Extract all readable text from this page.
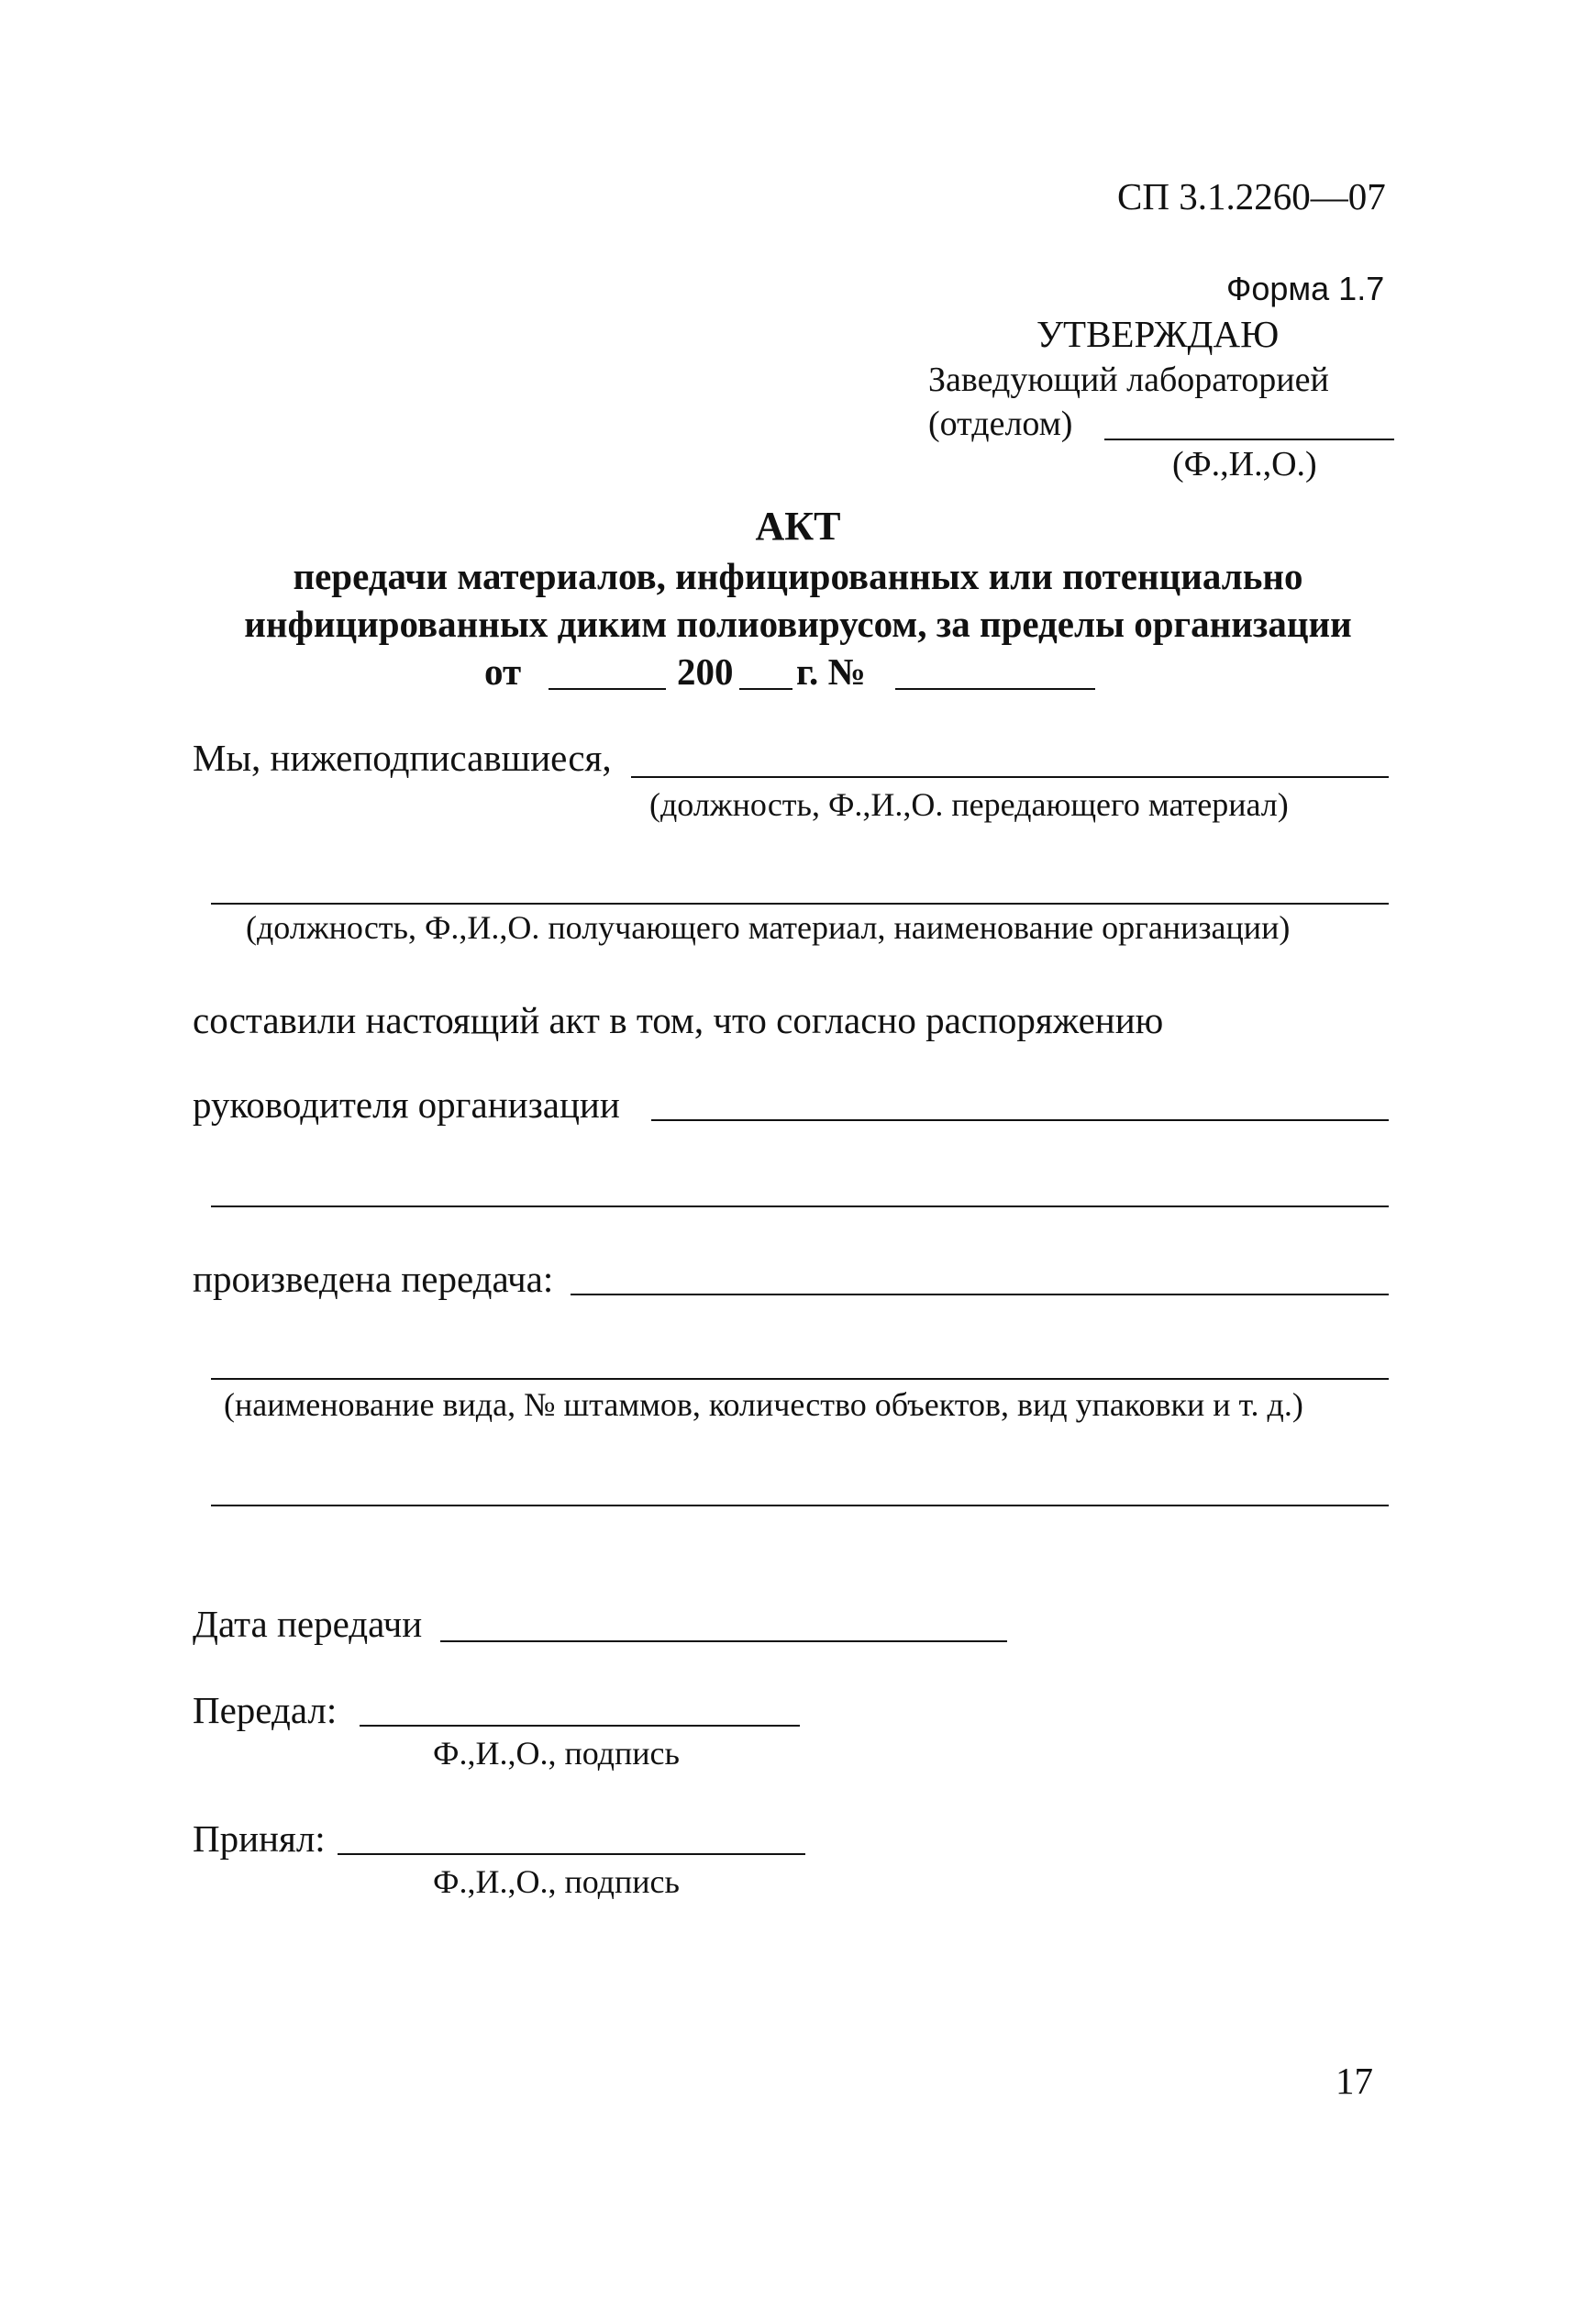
СП 3.1.2260—07
Форма 1.7
УТВЕРЖДАЮ
Заведующий лабораторией
(отделом)
(Ф.,И.,О.)
АКТ
передачи материалов, инфицированных или потенциально
инфицированных диким полиовирусом, за пределы организации
от	200 г. №
Мы, нижеподписавшиеся,
(должность, Ф.,И.,О. передающего материал)
(должность, Ф.,И.,О. получающего материал, наименование организации)
составили настоящий акт в том, что согласно распоряжению
руководителя организации
произведена передача:
(наименование вида, № штаммов, количество объектов, вид упаковки и т. д.)
Дата передачи
Передал:
Ф.,И.,О., подпись
Принял:
Ф.,И.,О., подпись
17
